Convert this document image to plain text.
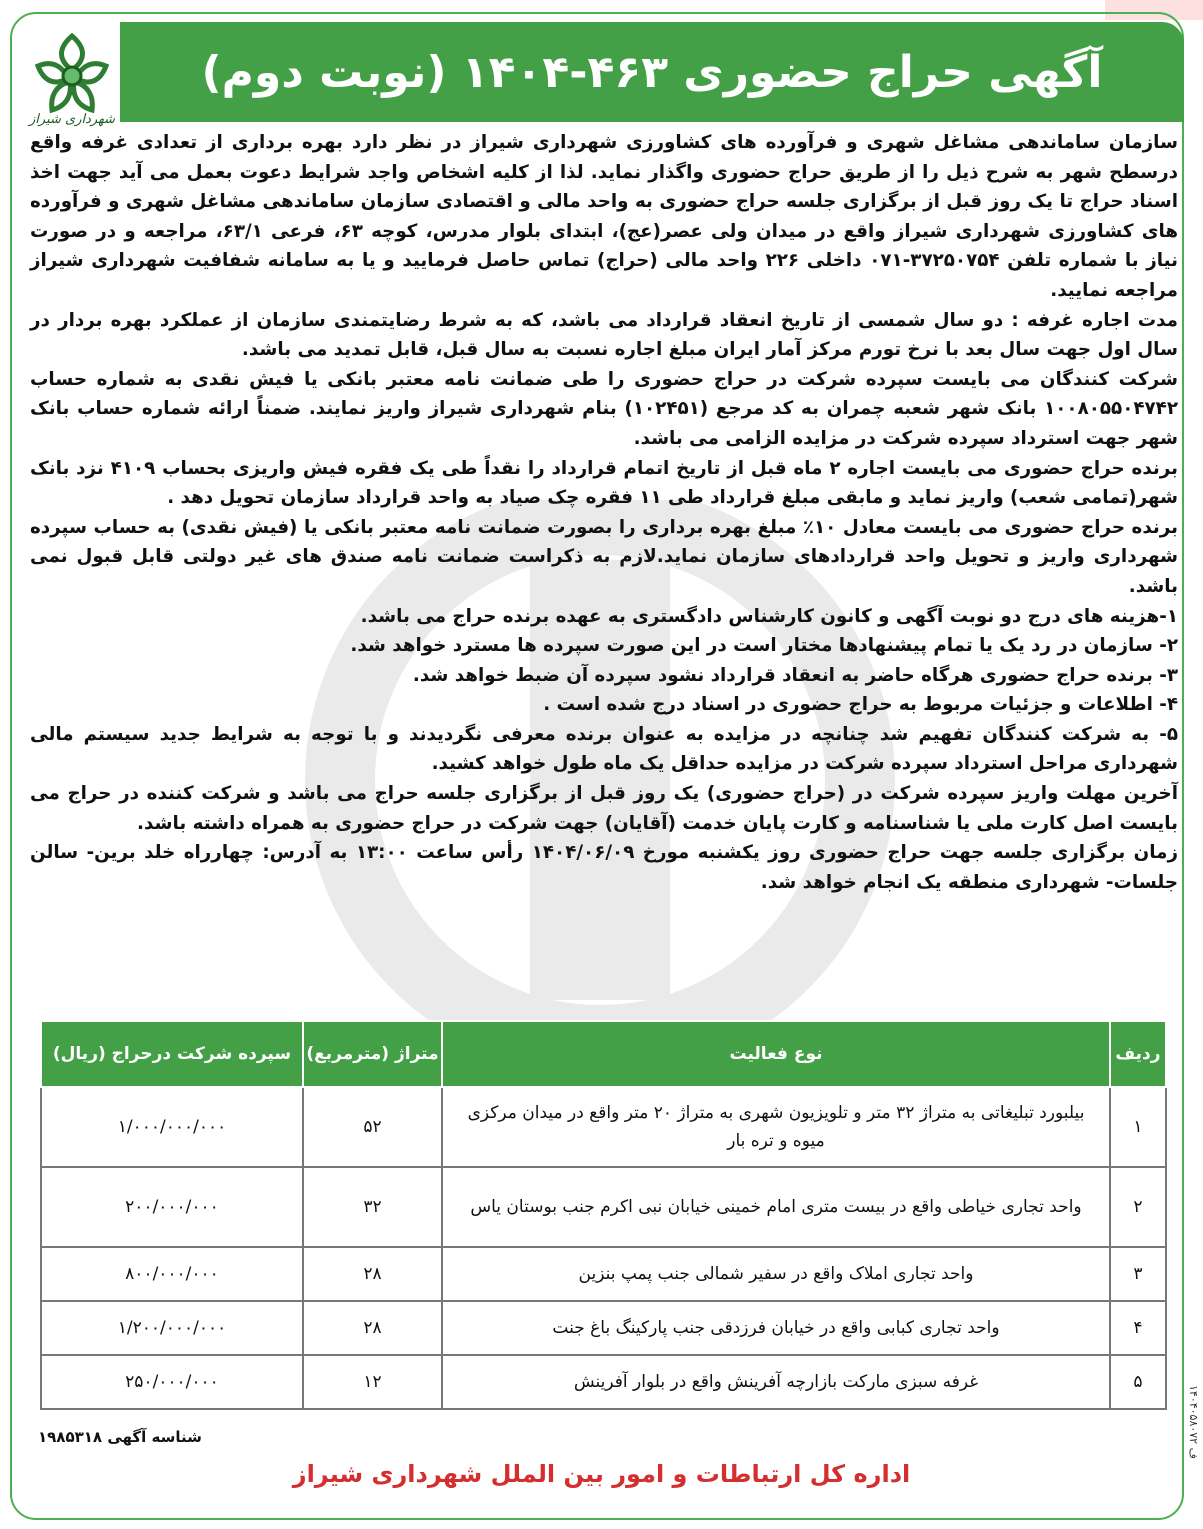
آگهی حراج حضوری ۴۶۳-۱۴۰۴ (نوبت دوم)
شهرداری شیراز

سازمان ساماندهی مشاغل شهری و فرآورده های کشاورزی شهرداری شیراز در نظر دارد بهره برداری از تعدادی غرفه واقع درسطح شهر به شرح ذیل را از طریق حراج حضوری واگذار نماید. لذا از کلیه اشخاص واجد شرایط دعوت بعمل می آید جهت اخذ اسناد حراج تا یک روز قبل از برگزاری جلسه حراج حضوری به واحد مالی و اقتصادی سازمان ساماندهی مشاغل شهری و فرآورده های کشاورزی شهرداری شیراز واقع در میدان ولی عصر(عج)، ابتدای بلوار مدرس، کوچه ۶۳، فرعی ۶۳/۱، مراجعه و در صورت نیاز با شماره تلفن ۳۷۲۵۰۷۵۴-۰۷۱ داخلی ۲۲۶ واحد مالی (حراج) تماس حاصل فرمایید و یا به سامانه شفافیت شهرداری شیراز مراجعه نمایید.

مدت اجاره غرفه : دو سال شمسی از تاریخ انعقاد قرارداد می باشد، که به شرط رضایتمندی سازمان از عملکرد بهره بردار در سال اول جهت سال بعد با نرخ تورم مرکز آمار ایران مبلغ اجاره نسبت به سال قبل، قابل تمدید می باشد.

شرکت کنندگان می بایست سپرده شرکت در حراج حضوری را طی ضمانت نامه معتبر بانکی یا فیش نقدی به شماره حساب ۱۰۰۸۰۵۵۰۴۷۴۲ بانک شهر شعبه چمران به کد مرجع (۱۰۲۴۵۱) بنام شهرداری شیراز واریز نمایند. ضمناً ارائه شماره حساب بانک شهر جهت استرداد سپرده شرکت در مزایده الزامی می باشد.

برنده حراج حضوری می بایست اجاره ۲ ماه قبل از تاریخ اتمام قرارداد را نقداً طی یک فقره فیش واریزی بحساب ۴۱۰۹ نزد بانک شهر(تمامی شعب) واریز نماید و مابقی مبلغ قرارداد طی ۱۱ فقره چک صیاد به واحد قرارداد سازمان تحویل دهد .

برنده حراج حضوری می بایست معادل ۱۰٪ مبلغ بهره برداری را بصورت ضمانت نامه معتبر بانکی یا (فیش نقدی) به حساب سپرده شهرداری واریز و تحویل واحد قراردادهای سازمان نماید.لازم به ذکراست ضمانت نامه صندق های غیر دولتی قابل قبول نمی باشد.

۱-هزینه های درج دو نوبت آگهی و کانون کارشناس دادگستری به عهده برنده حراج می باشد.

۲- سازمان در رد یک یا تمام پیشنهادها مختار است در این صورت سپرده ها مسترد خواهد شد.

۳- برنده حراج حضوری هرگاه حاضر به انعقاد قرارداد نشود سپرده آن ضبط خواهد شد.

۴- اطلاعات و جزئیات مربوط به حراج حضوری در اسناد درج شده است .

۵- به شرکت کنندگان تفهیم شد چنانچه در مزایده به عنوان برنده معرفی نگردیدند و با توجه به شرایط جدید سیستم مالی شهرداری مراحل استرداد سپرده شرکت در مزایده حداقل یک ماه طول خواهد کشید.

آخرین مهلت واریز سپرده شرکت در (حراج حضوری) یک روز قبل از برگزاری جلسه حراج می باشد و شرکت کننده در حراج می بایست اصل کارت ملی یا شناسنامه و کارت پایان خدمت (آقایان) جهت شرکت در حراج حضوری به همراه داشته باشد.

زمان برگزاری جلسه جهت حراج حضوری روز یکشنبه مورخ ۱۴۰۴/۰۶/۰۹ رأس ساعت ۱۳:۰۰ به آدرس: چهارراه خلد برین- سالن جلسات- شهرداری منطقه یک انجام خواهد شد.

ردیف	نوع فعالیت	متراژ (مترمربع)	سپرده شرکت درحراج (ریال)
۱	بیلبورد تبلیغاتی به متراژ ۳۲ متر و تلویزیون شهری به متراژ ۲۰ متر واقع در میدان مرکزی میوه و تره بار	۵۲	۱/۰۰۰/۰۰۰/۰۰۰
۲	واحد تجاری خیاطی واقع در بیست متری امام خمینی خیابان نبی اکرم جنب بوستان یاس	۳۲	۲۰۰/۰۰۰/۰۰۰
۳	واحد تجاری املاک واقع در سفیر شمالی جنب پمپ بنزین	۲۸	۸۰۰/۰۰۰/۰۰۰
۴	واحد تجاری کبابی واقع در خیابان فرزدقی جنب پارکینگ باغ جنت	۲۸	۱/۲۰۰/۰۰۰/۰۰۰
۵	غرفه سبزی مارکت بازارچه آفرینش واقع در بلوار آفرینش	۱۲	۲۵۰/۰۰۰/۰۰۰
شناسه آگهی ۱۹۸۵۳۱۸
اداره کل ارتباطات و امور بین الملل شهرداری شیراز
۱۴۰۴۰۵۸۰۷۲ ف
